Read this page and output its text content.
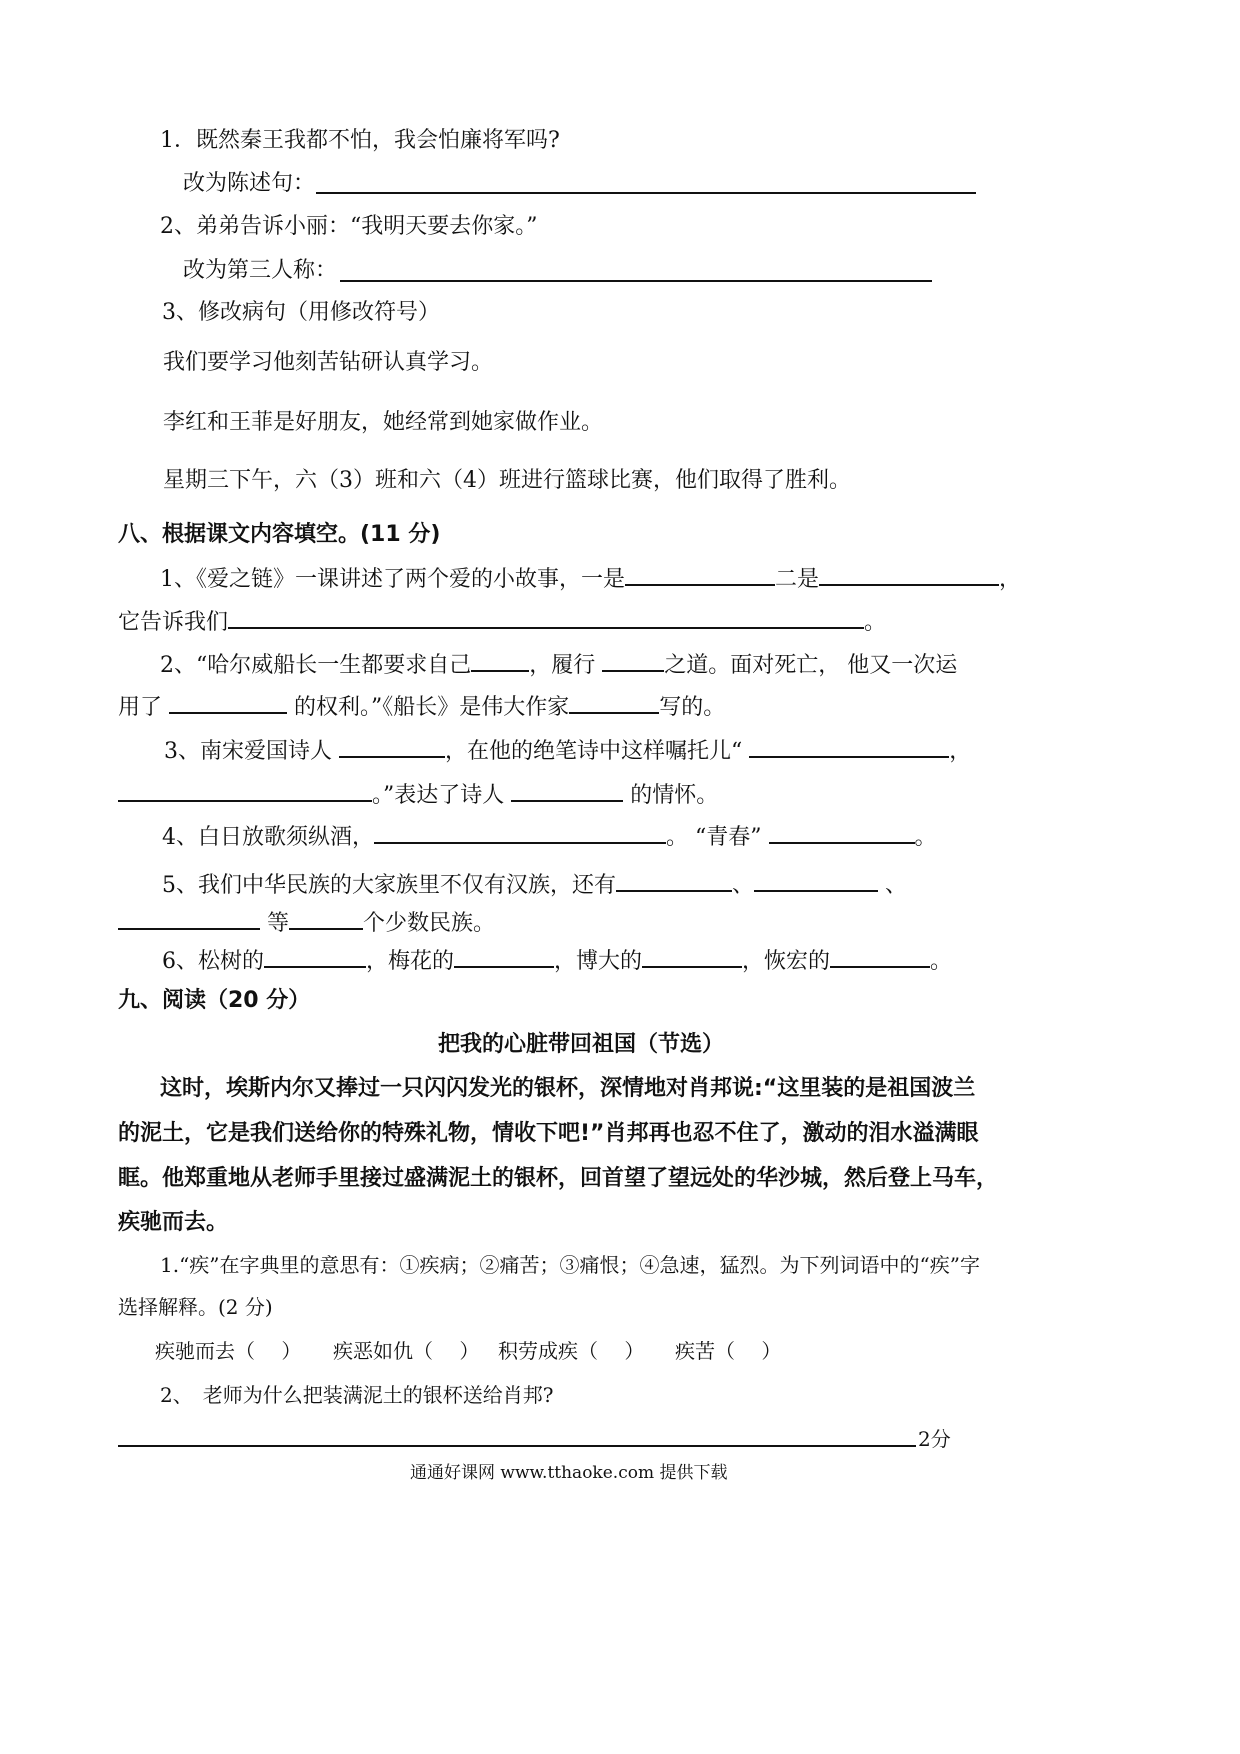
1．既然秦王我都不怕，我会怕廉将军吗?
改为陈述句：
2、弟弟告诉小丽：“我明天要去你家。”
改为第三人称：
3、修改病句（用修改符号）
我们要学习他刻苦钻研认真学习。
李红和王菲是好朋友，她经常到她家做作业。
星期三下午，六（3）班和六（4）班进行篮球比赛，他们取得了胜利。
八、根据课文内容填空。(11 分)
1、《爱之链》一课讲述了两个爱的小故事，一是	二是	，
它告诉我们	。
2、“哈尔威船长一生都要求自己	，履行	之道。面对死亡， 他又一次运
用了	的权利。”《船长》是伟大作家	写的。
3、南宋爱国诗人	，在他的绝笔诗中这样嘱托儿“	，
。”表达了诗人	的情怀。
4、白日放歌须纵酒，	。 “青春”	。
5、我们中华民族的大家族里不仅有汉族，还有	、	、
等	个少数民族。
6、松树的	，梅花的	，博大的	，恢宏的	。
九、阅读（20 分）
把我的心脏带回祖国（节选）
这时，埃斯内尔又捧过一只闪闪发光的银杯，深情地对肖邦说:“这里装的是祖国波兰
的泥土，它是我们送给你的特殊礼物，情收下吧!”肖邦再也忍不住了，激动的泪水溢满眼
眶。他郑重地从老师手里接过盛满泥土的银杯，回首望了望远处的华沙城，然后登上马车，
疾驰而去。
1.“疾”在字典里的意思有：①疾病；②痛苦；③痛恨；④急速，猛烈。为下列词语中的“疾”字
选择解释。(2 分)
疾驰而去（　 ） 疾恶如仇（　 ） 积劳成疾（　 ） 疾苦（　 ）
2、　老师为什么把装满泥土的银杯送给肖邦?
2分
通通好课网 www.tthaoke.com 提供下载
